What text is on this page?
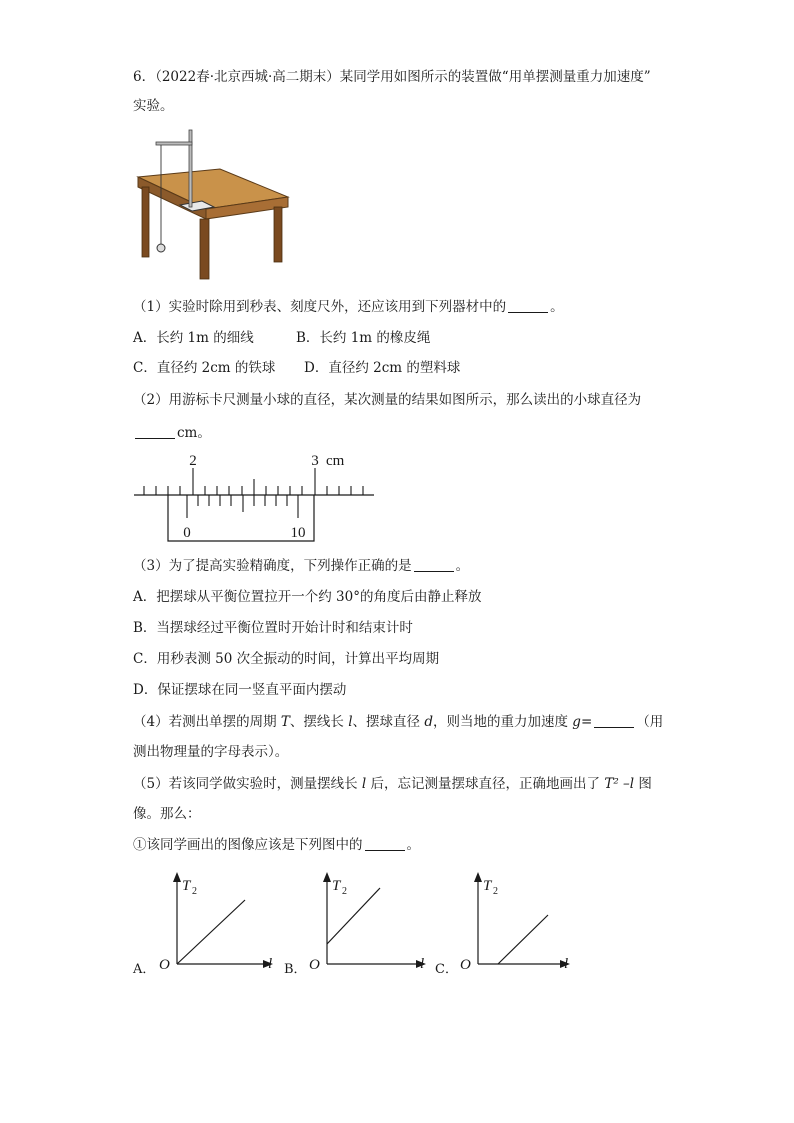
6．（2022春·北京西城·高二期末）某同学用如图所示的装置做“用单摆测量重力加速度”
实验。
（1）实验时除用到秒表、刻度尺外，还应该用到下列器材中的	。
A．长约 1m 的细线	B．长约 1m 的橡皮绳
C．直径约 2cm 的铁球 D．直径约 2cm 的塑料球
（2）用游标卡尺测量小球的直径，某次测量的结果如图所示，那么读出的小球直径为
cm。
2	3 cm
0	10
（3）为了提高实验精确度，下列操作正确的是	。
A．把摆球从平衡位置拉开一个约 30°的角度后由静止释放
B．当摆球经过平衡位置时开始计时和结束计时
C．用秒表测 50 次全振动的时间，计算出平均周期
D．保证摆球在同一竖直平面内摆动
（4）若测出单摆的周期 T、摆线长 l、摆球直径 d，则当地的重力加速度 g=	（用
测出物理量的字母表示）。
（5）若该同学做实验时，测量摆线长 l 后，忘记测量摆球直径，正确地画出了 T² –l 图
像。那么：
①该同学画出的图像应该是下列图中的	。
A．
T 2
O	l B．
T 2
O	l C．
T 2
O	l
